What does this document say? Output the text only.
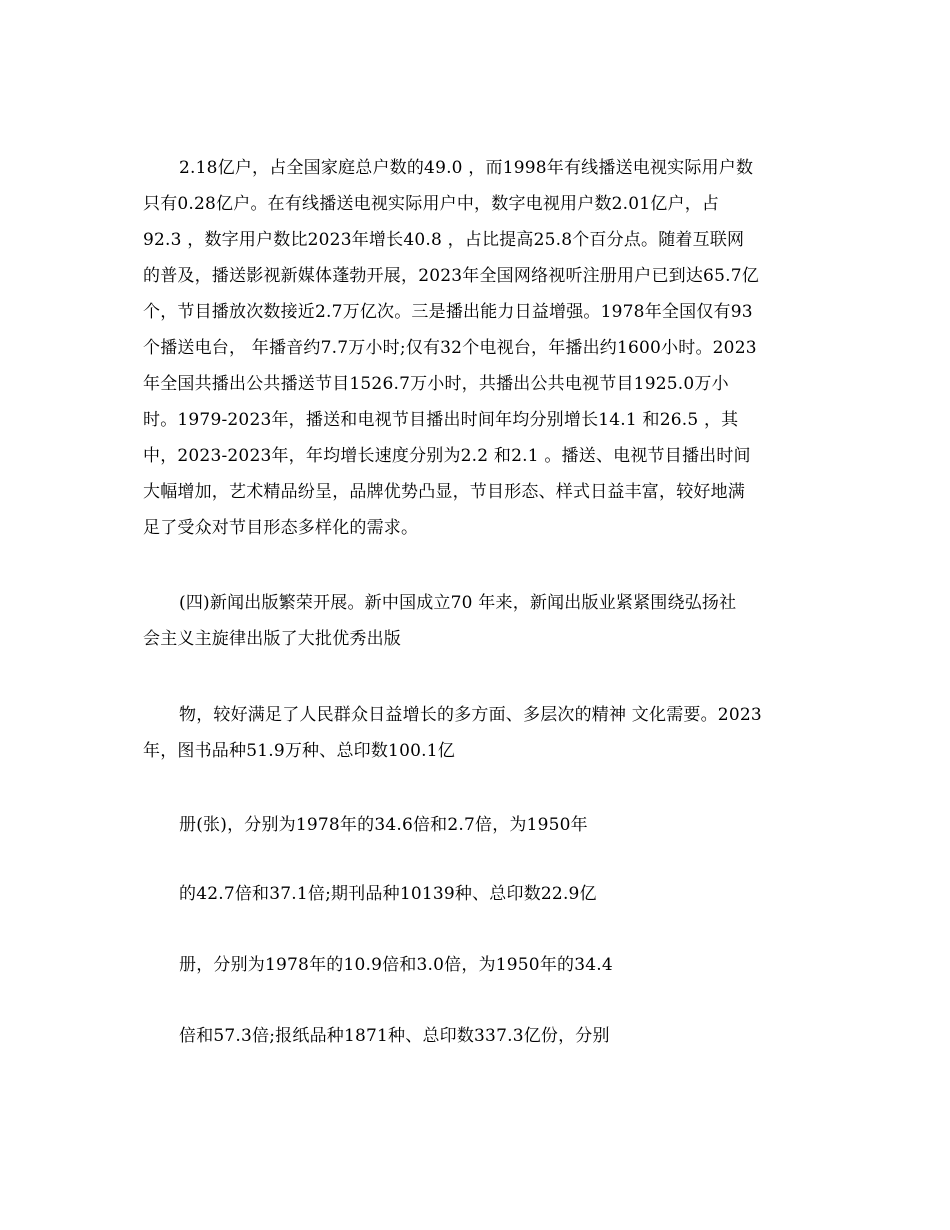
2.18亿户，占全国家庭总户数的49.0 ，而1998年有线播送电视实际用户数

只有0.28亿户。在有线播送电视实际用户中，数字电视用户数2.01亿户，占

92.3 ，数字用户数比2023年增长40.8 ，占比提高25.8个百分点。随着互联网

的普及，播送影视新媒体蓬勃开展，2023年全国网络视听注册用户已到达65.7亿

个，节目播放次数接近2.7万亿次。三是播出能力日益增强。1978年全国仅有93

个播送电台， 年播音约7.7万小时;仅有32个电视台，年播出约1600小时。2023

年全国共播出公共播送节目1526.7万小时，共播出公共电视节目1925.0万小

时。1979-2023年，播送和电视节目播出时间年均分别增长14.1 和26.5 ，其

中，2023-2023年，年均增长速度分别为2.2 和2.1 。播送、电视节目播出时间

大幅增加，艺术精品纷呈，品牌优势凸显，节目形态、样式日益丰富，较好地满

足了受众对节目形态多样化的需求。

(四)新闻出版繁荣开展。新中国成立70 年来，新闻出版业紧紧围绕弘扬社

会主义主旋律出版了大批优秀出版

物，较好满足了人民群众日益增长的多方面、多层次的精神 文化需要。2023

年，图书品种51.9万种、总印数100.1亿

册(张)，分别为1978年的34.6倍和2.7倍，为1950年

的42.7倍和37.1倍;期刊品种10139种、总印数22.9亿

册，分别为1978年的10.9倍和3.0倍，为1950年的34.4

倍和57.3倍;报纸品种1871种、总印数337.3亿份，分别
